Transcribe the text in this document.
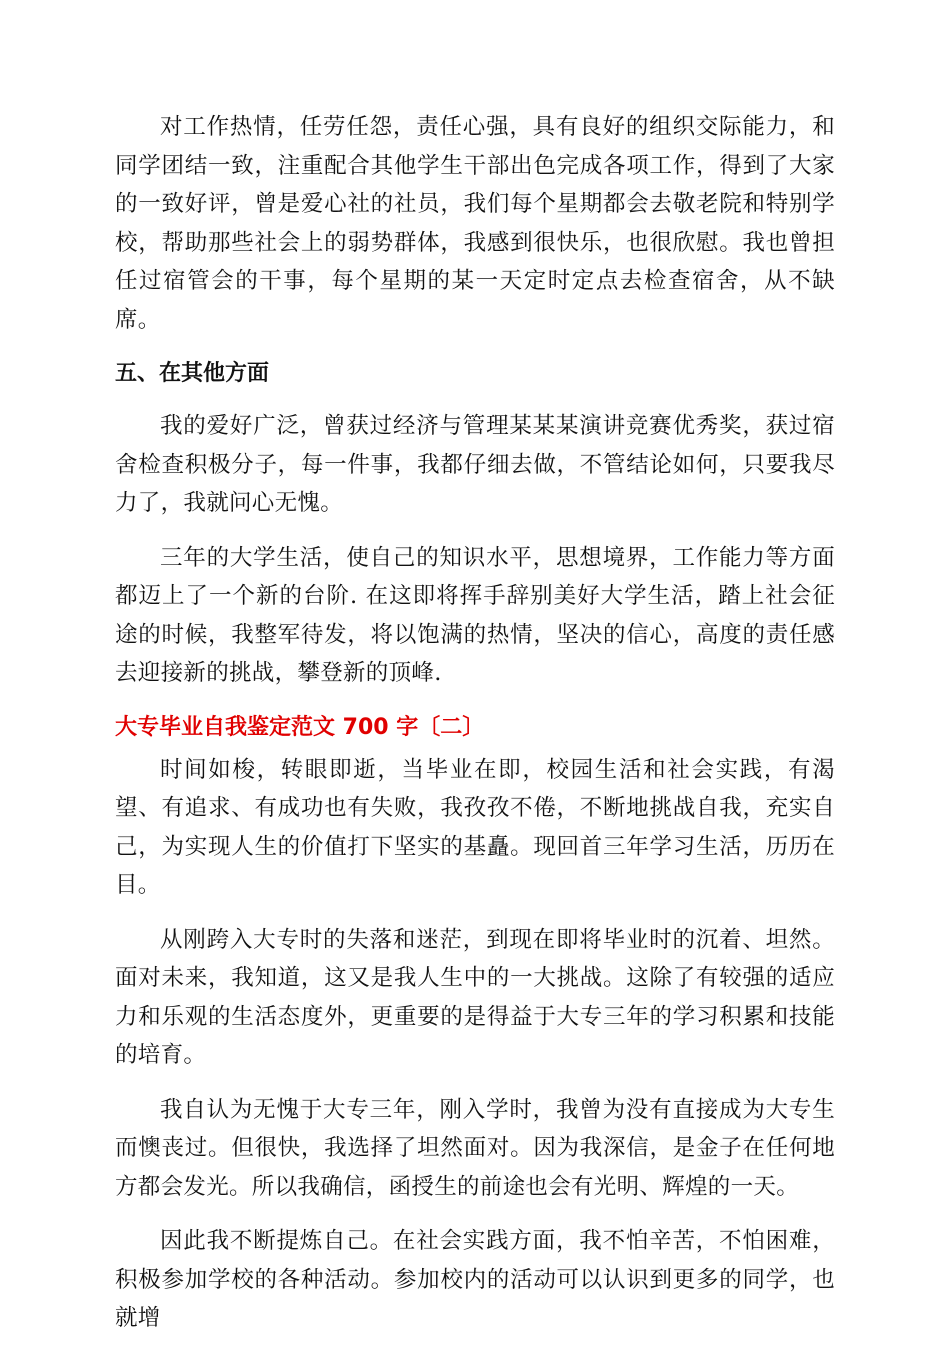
对工作热情，任劳任怨，责任心强，具有良好的组织交际能力，和同学团结一致，注重配合其他学生干部出色完成各项工作，得到了大家的一致好评，曾是爱心社的社员，我们每个星期都会去敬老院和特别学校，帮助那些社会上的弱势群体，我感到很快乐，也很欣慰。我也曾担任过宿管会的干事，每个星期的某一天定时定点去检查宿舍，从不缺席。

五、在其他方面

我的爱好广泛，曾获过经济与管理某某某演讲竞赛优秀奖，获过宿舍检查积极分子，每一件事，我都仔细去做，不管结论如何，只要我尽力了，我就问心无愧。

三年的大学生活，使自己的知识水平，思想境界，工作能力等方面都迈上了一个新的台阶. 在这即将挥手辞别美好大学生活，踏上社会征途的时候，我整军待发，将以饱满的热情，坚决的信心，高度的责任感去迎接新的挑战，攀登新的顶峰.

大专毕业自我鉴定范文 700 字〔二〕

时间如梭，转眼即逝，当毕业在即，校园生活和社会实践，有渴望、有追求、有成功也有失败，我孜孜不倦，不断地挑战自我，充实自己，为实现人生的价值打下坚实的基矗。现回首三年学习生活，历历在目。

从刚跨入大专时的失落和迷茫，到现在即将毕业时的沉着、坦然。面对未来，我知道，这又是我人生中的一大挑战。这除了有较强的适应力和乐观的生活态度外，更重要的是得益于大专三年的学习积累和技能的培育。

我自认为无愧于大专三年，刚入学时，我曾为没有直接成为大专生而懊丧过。但很快，我选择了坦然面对。因为我深信，是金子在任何地方都会发光。所以我确信，函授生的前途也会有光明、辉煌的一天。

因此我不断提炼自己。在社会实践方面，我不怕辛苦，不怕困难，积极参加学校的各种活动。参加校内的活动可以认识到更多的同学，也就增
